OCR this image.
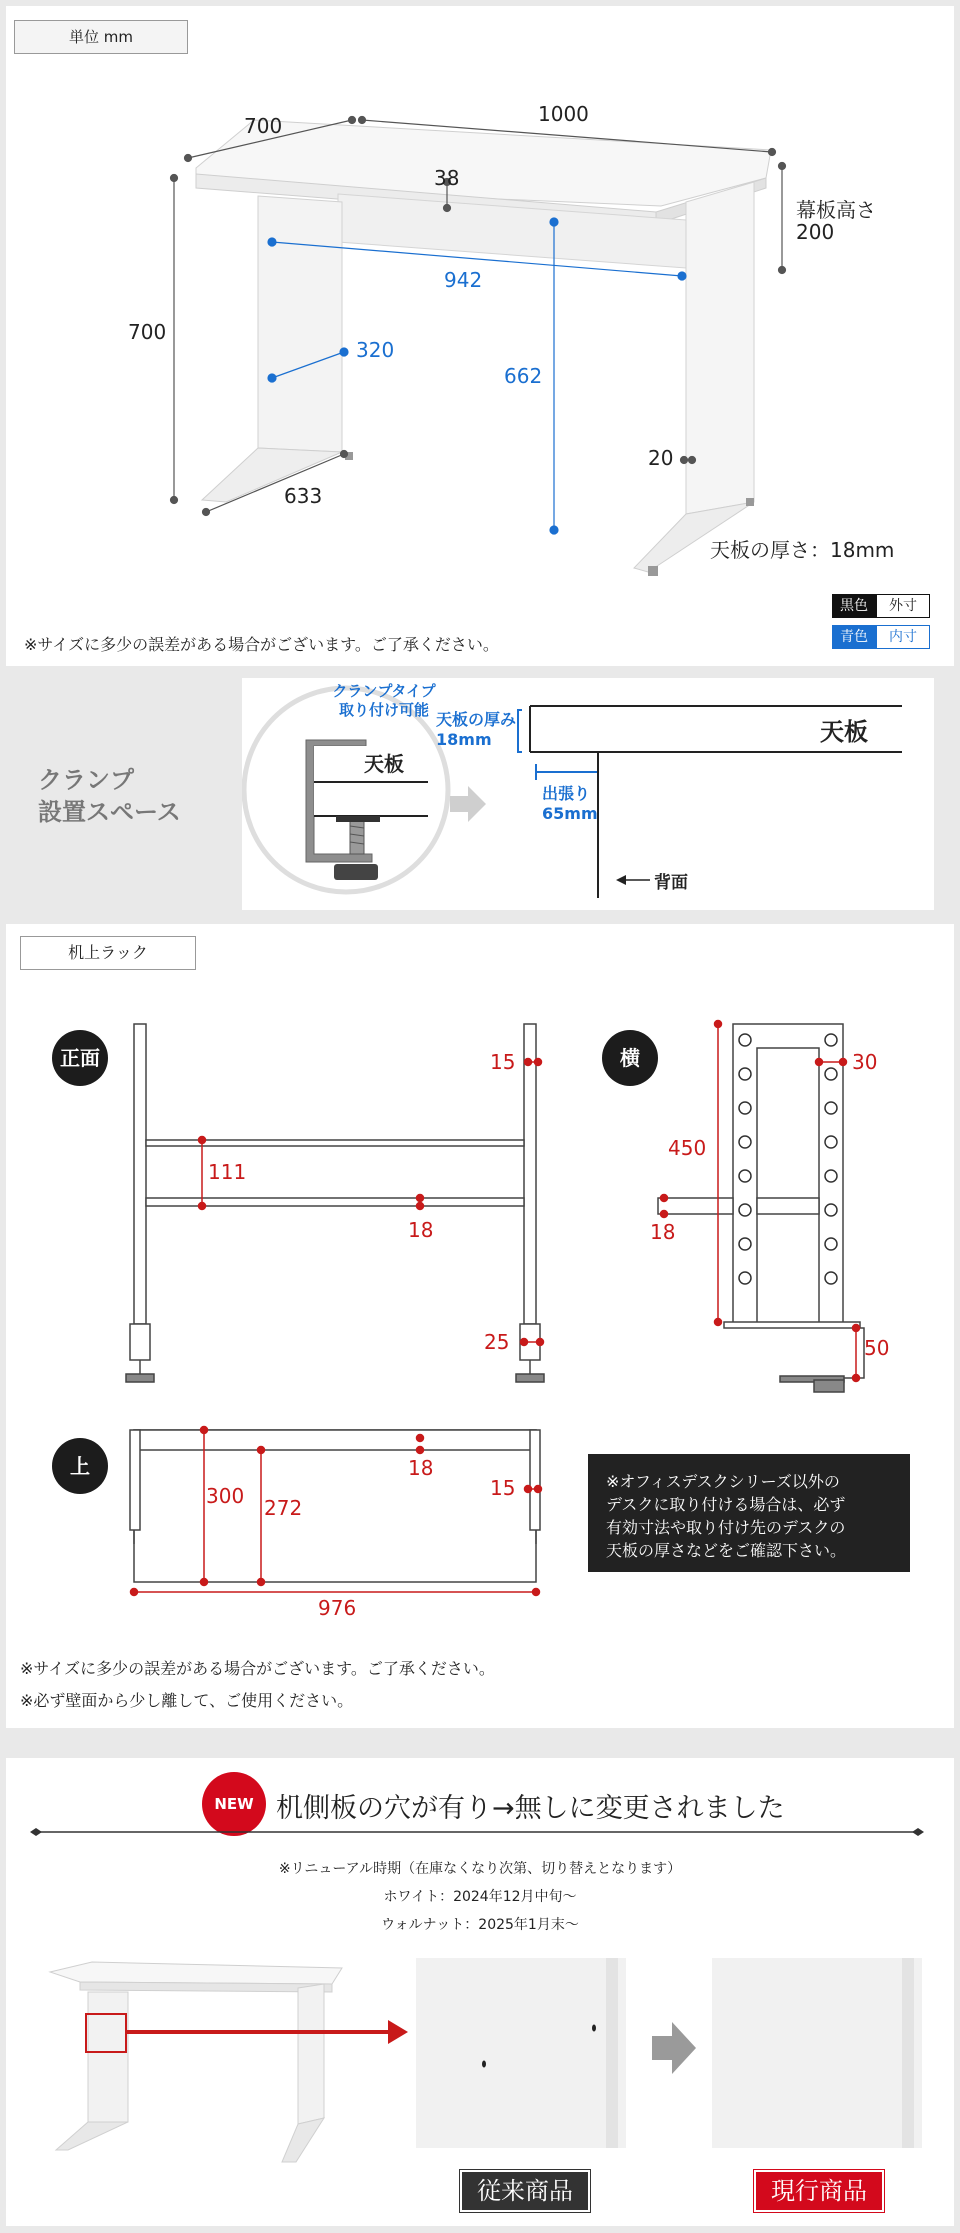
単位 mm
700	1000
700
幕板高さ
200
38
942
320
662
633
20
天板の厚さ：18mm
黒色	外寸
青色	内寸
※サイズに多少の誤差がある場合がございます。ご了承ください。
クランプ
設置スペース
クランプタイプ
取り付け可能
天板
天板の厚み
18mm	天板
出張り
65mm
背面
机上ラック
正面	横
上
15
111
18
25
450
30
18
50
300 272
18
15
976
※オフィスデスクシリーズ以外の
デスクに取り付ける場合は、必ず
有効寸法や取り付け先のデスクの
天板の厚さなどをご確認下さい。
※サイズに多少の誤差がある場合がございます。ご了承ください。
※必ず壁面から少し離して、ご使用ください。
NEW 机側板の穴が有り→無しに変更されました
※リニューアル時期（在庫なくなり次第、切り替えとなります）
ホワイト：2024年12月中旬〜
ウォルナット：2025年1月末〜
従来商品	現行商品
